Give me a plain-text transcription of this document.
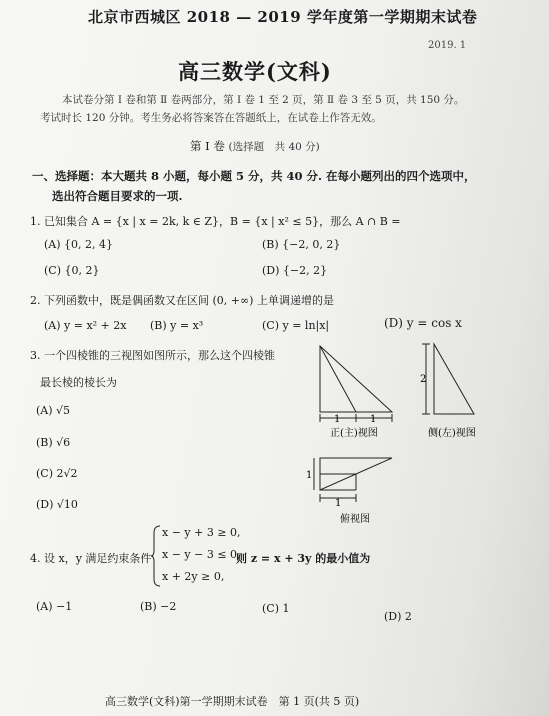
北京市西城区 2018 — 2019 学年度第一学期期末试卷
2019. 1
高三数学(文科)
本试卷分第 Ⅰ 卷和第 Ⅱ 卷两部分，第 Ⅰ 卷 1 至 2 页，第 Ⅱ 卷 3 至 5 页，共 150 分。
考试时长 120 分钟。考生务必将答案答在答题纸上，在试卷上作答无效。
第 Ⅰ 卷 (选择题　共 40 分)
一、选择题：本大题共 8 小题，每小题 5 分，共 40 分. 在每小题列出的四个选项中，
选出符合题目要求的一项.
1. 已知集合 A = {x | x = 2k, k ∈ Z}，B = {x | x² ≤ 5}，那么 A ∩ B =
(A) {0, 2, 4}	(B) {−2, 0, 2}
(C) {0, 2}	(D) {−2, 2}
2. 下列函数中，既是偶函数又在区间 (0, +∞) 上单调递增的是
(A) y = x² + 2x (B) y = x³	(C) y = ln|x|	(D) y = cos x
3. 一个四棱锥的三视图如图所示，那么这个四棱锥
最长棱的棱长为
(A) √5
(B) √6
(C) 2√2
(D) √10
1	1
正(主)视图
2
侧(左)视图
1
1
俯视图
4. 设 x，y 满足约束条件
x − y + 3 ≥ 0,
x − y − 3 ≤ 0,
x + 2y ≥ 0,
则 z = x + 3y 的最小值为
(A) −1	(B) −2	(C) 1
(D) 2
高三数学(文科)第一学期期末试卷　第 1 页(共 5 页)
